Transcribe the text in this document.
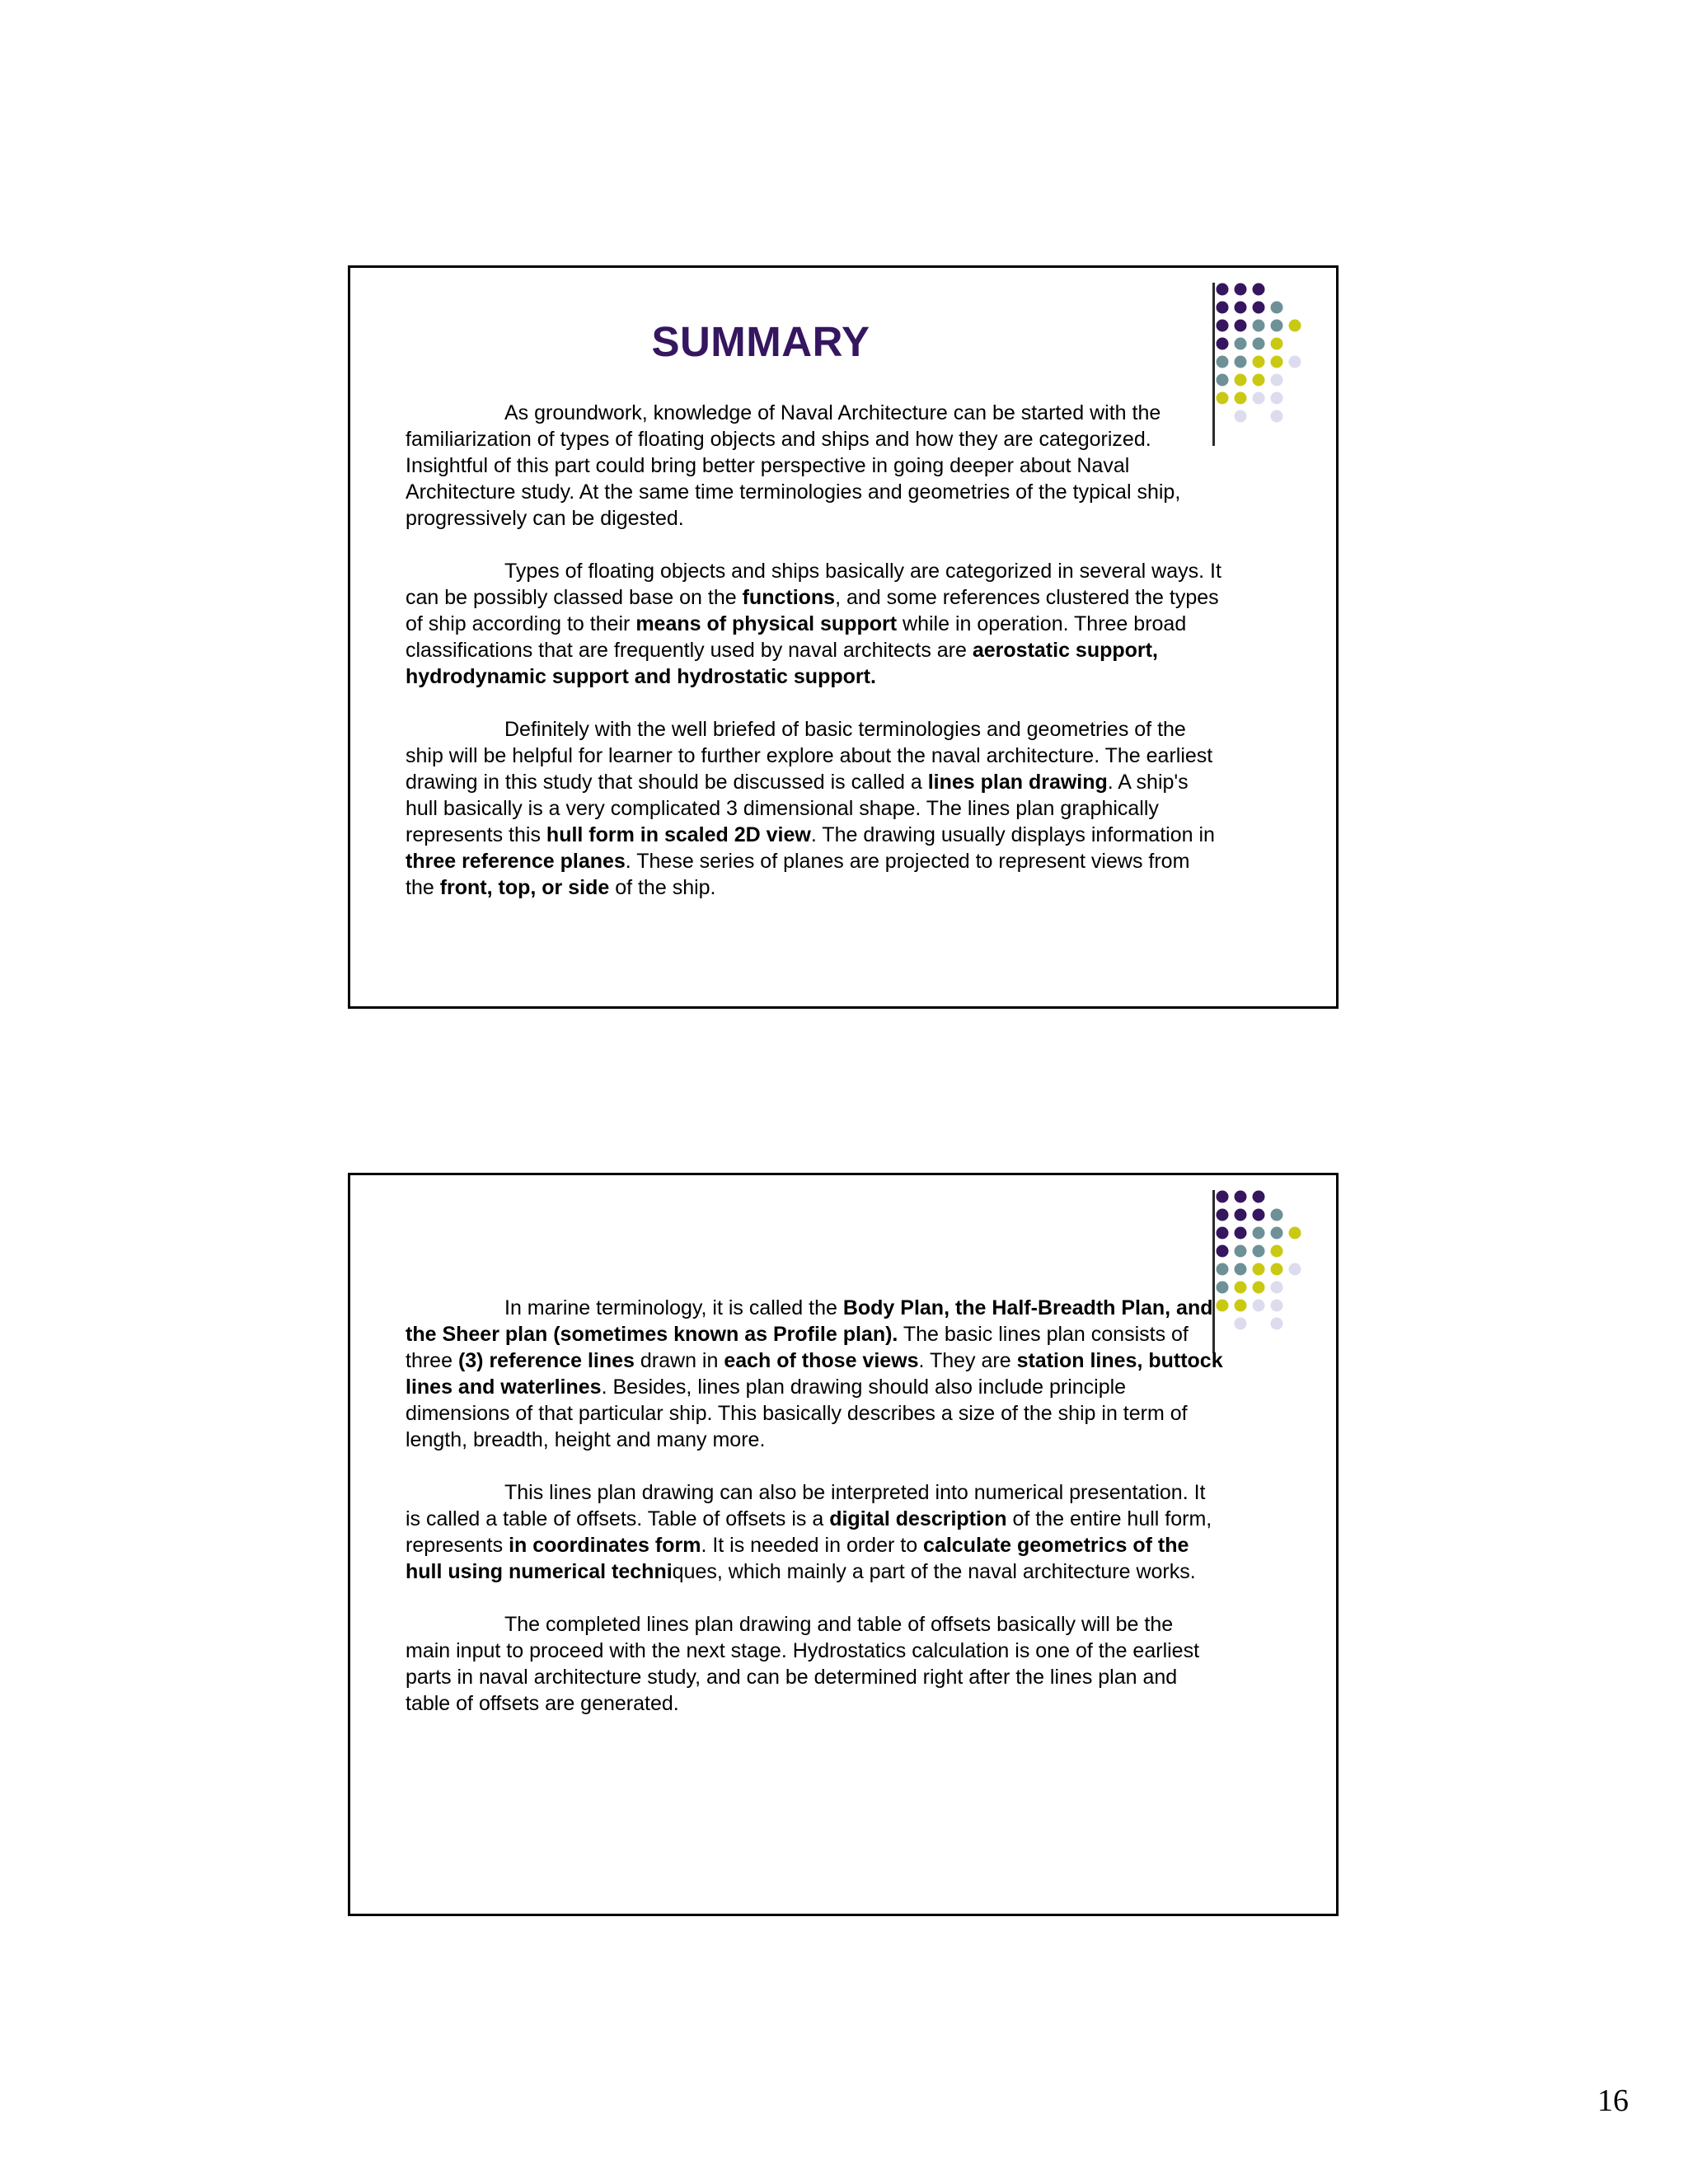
SUMMARY

As groundwork, knowledge of Naval Architecture can be started with the familiarization of types of floating objects and ships and how they are categorized. Insightful of this part could bring better perspective in going deeper about Naval Architecture study. At the same time terminologies and geometries of the typical ship, progressively can be digested.

Types of floating objects and ships basically are categorized in several ways. It can be possibly classed base on the functions, and some references clustered the types of ship according to their means of physical support while in operation. Three broad classifications that are frequently used by naval architects are aerostatic support, hydrodynamic support and hydrostatic support.

Definitely with the well briefed of basic terminologies and geometries of the ship will be helpful for learner to further explore about the naval architecture. The earliest drawing in this study that should be discussed is called a lines plan drawing. A ship's hull basically is a very complicated 3 dimensional shape. The lines plan graphically represents this hull form in scaled 2D view. The drawing usually displays information in three reference planes. These series of planes are projected to represent views from the front, top, or side of the ship.

In marine terminology, it is called the Body Plan, the Half-Breadth Plan, and the Sheer plan (sometimes known as Profile plan). The basic lines plan consists of three (3) reference lines drawn in each of those views. They are station lines, buttock lines and waterlines. Besides, lines plan drawing should also include principle dimensions of that particular ship. This basically describes a size of the ship in term of length, breadth, height and many more.

This lines plan drawing can also be interpreted into numerical presentation. It is called a table of offsets. Table of offsets is a digital description of the entire hull form, represents in coordinates form. It is needed in order to calculate geometrics of the hull using numerical techniques, which mainly a part of the naval architecture works.

The completed lines plan drawing and table of offsets basically will be the main input to proceed with the next stage. Hydrostatics calculation is one of the earliest parts in naval architecture study, and can be determined right after the lines plan and table of offsets are generated.

16
